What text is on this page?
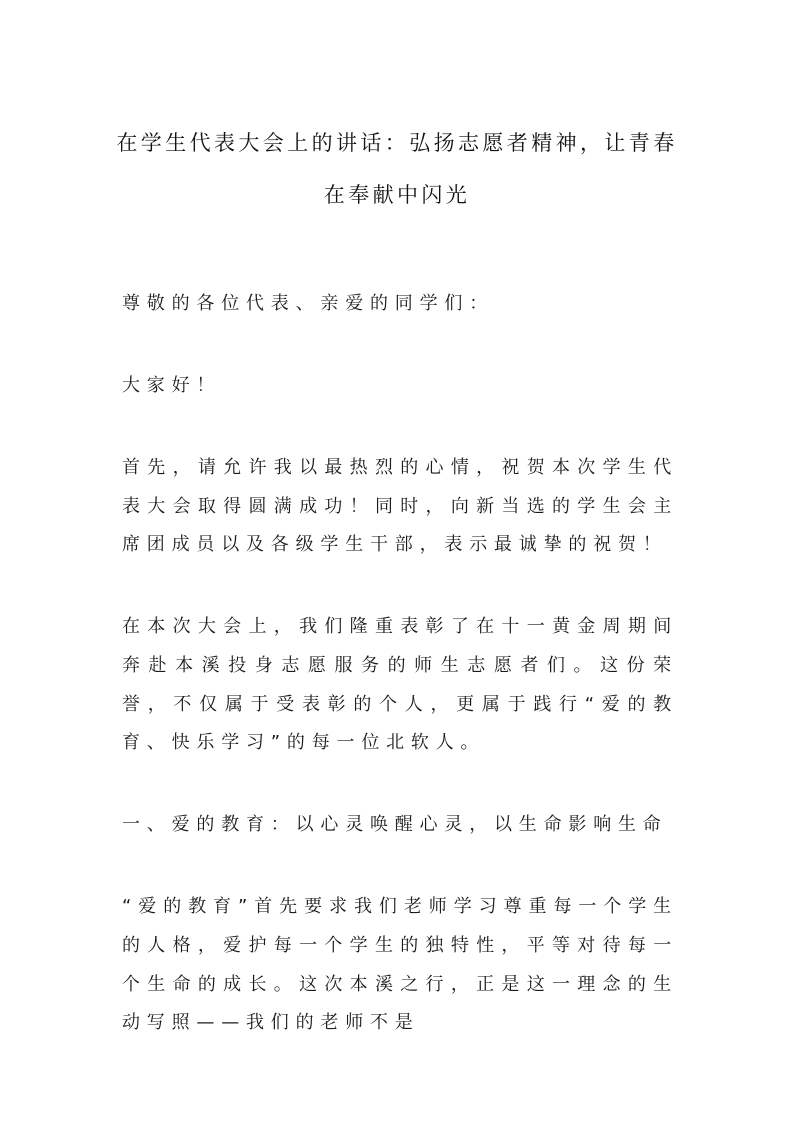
在学生代表大会上的讲话：弘扬志愿者精神，让青春
在奉献中闪光

尊敬的各位代表、亲爱的同学们：

大家好！

首先，请允许我以最热烈的心情，祝贺本次学生代表大会取得圆满成功！同时，向新当选的学生会主席团成员以及各级学生干部，表示最诚挚的祝贺！

在本次大会上，我们隆重表彰了在十一黄金周期间奔赴本溪投身志愿服务的师生志愿者们。这份荣誉，不仅属于受表彰的个人，更属于践行“爱的教育、快乐学习”的每一位北软人。

一、爱的教育：以心灵唤醒心灵，以生命影响生命

“爱的教育”首先要求我们老师学习尊重每一个学生的人格，爱护每一个学生的独特性，平等对待每一个生命的成长。这次本溪之行，正是这一理念的生动写照——我们的老师不是
